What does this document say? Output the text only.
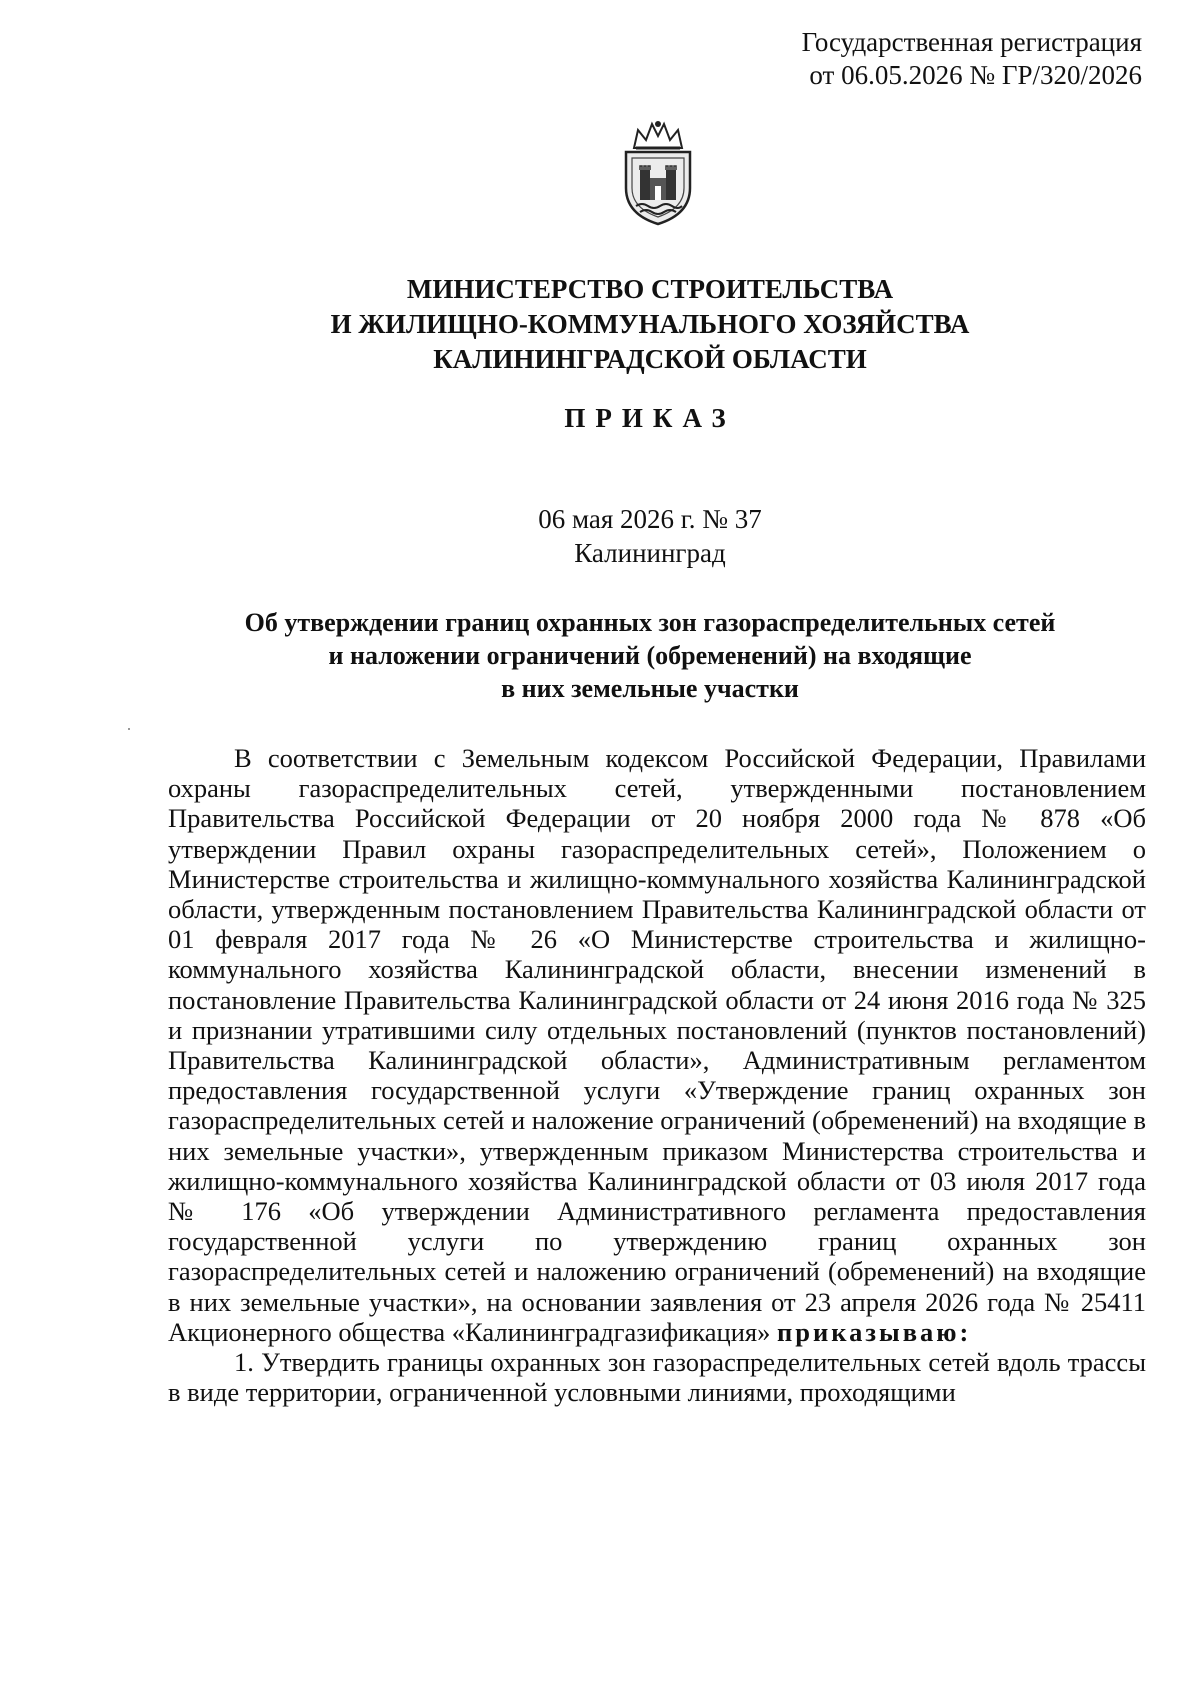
Государственная регистрация
от 06.05.2026 № ГР/320/2026
МИНИСТЕРСТВО СТРОИТЕЛЬСТВА
И ЖИЛИЩНО-КОММУНАЛЬНОГО ХОЗЯЙСТВА
КАЛИНИНГРАДСКОЙ ОБЛАСТИ
ПРИКАЗ
06 мая 2026 г. № 37
Калининград
Об утверждении границ охранных зон газораспределительных сетей
и наложении ограничений (обременений) на входящие
в них земельные участки

В соответствии с Земельным кодексом Российской Федерации, Правилами охраны газораспределительных сетей, утвержденными постановлением Правительства Российской Федерации от 20 ноября 2000 года № 878 «Об утверждении Правил охраны газораспределительных сетей», Положением о Министерстве строительства и жилищно-коммунального хозяйства Калининградской области, утвержденным постановлением Правительства Калининградской области от 01 февраля 2017 года № 26 «О Министерстве строительства и жилищно-коммунального хозяйства Калининградской области, внесении изменений в постановление Правительства Калининградской области от 24 июня 2016 года № 325 и признании утратившими силу отдельных постановлений (пунктов постановлений) Правительства Калининградской области», Административным регламентом предоставления государственной услуги «Утверждение границ охранных зон газораспределительных сетей и наложение ограничений (обременений) на входящие в них земельные участки», утвержденным приказом Министерства строительства и жилищно-коммунального хозяйства Калининградской области от 03 июля 2017 года № 176 «Об утверждении Административного регламента предоставления государственной услуги по утверждению границ охранных зон газораспределительных сетей и наложению ограничений (обременений) на входящие в них земельные участки», на основании заявления от 23 апреля 2026 года № 25411 Акционерного общества «Калининградгазификация» приказываю:

1. Утвердить границы охранных зон газораспределительных сетей вдоль трассы в виде территории, ограниченной условными линиями, проходящими
